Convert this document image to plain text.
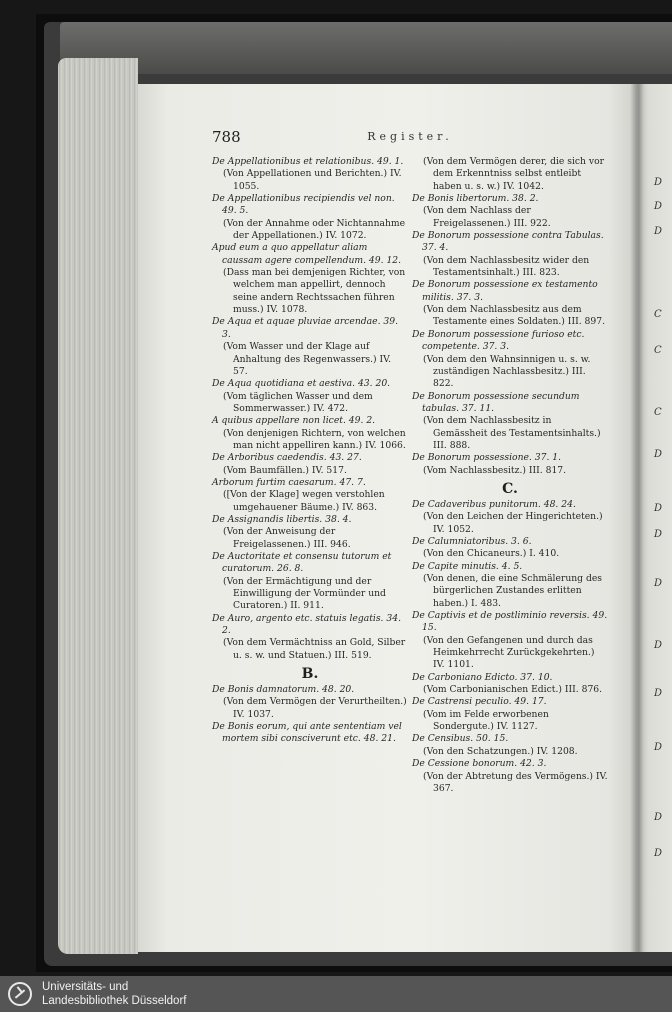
788	Register.

De Appellationibus et relationibus. 49. 1.

(Von Appellationen und Berichten.) IV. 1055.

De Appellationibus recipiendis vel non. 49. 5.

(Von der Annahme oder Nichtannahme der Appellationen.) IV. 1072.

Apud eum a quo appellatur aliam caussam agere compellendum. 49. 12.

(Dass man bei demjenigen Richter, von welchem man appellirt, dennoch seine andern Rechtssachen führen muss.) IV. 1078.

De Aqua et aquae pluviae arcendae. 39. 3.

(Vom Wasser und der Klage auf Anhaltung des Regenwassers.) IV. 57.

De Aqua quotidiana et aestiva. 43. 20.

(Vom täglichen Wasser und dem Sommerwasser.) IV. 472.

A quibus appellare non licet. 49. 2.

(Von denjenigen Richtern, von welchen man nicht appelliren kann.) IV. 1066.

De Arboribus caedendis. 43. 27.

(Vom Baumfällen.) IV. 517.

Arborum furtim caesarum. 47. 7.

([Von der Klage] wegen verstohlen umgehauener Bäume.) IV. 863.

De Assignandis libertis. 38. 4.

(Von der Anweisung der Freigelassenen.) III. 946.

De Auctoritate et consensu tutorum et curatorum. 26. 8.

(Von der Ermächtigung und der Einwilligung der Vormünder und Curatoren.) II. 911.

De Auro, argento etc. statuis legatis. 34. 2.

(Von dem Vermächtniss an Gold, Silber u. s. w. und Statuen.) III. 519.

B.

De Bonis damnatorum. 48. 20.

(Von dem Vermögen der Verurtheilten.) IV. 1037.

De Bonis eorum, qui ante sententiam vel mortem sibi consciverunt etc. 48. 21.

(Von dem Vermögen derer, die sich vor dem Erkenntniss selbst entleibt haben u. s. w.) IV. 1042.

De Bonis libertorum. 38. 2.

(Von dem Nachlass der Freigelassenen.) III. 922.

De Bonorum possessione contra Tabulas. 37. 4.

(Von dem Nachlassbesitz wider den Testamentsinhalt.) III. 823.

De Bonorum possessione ex testamento militis. 37. 3.

(Von dem Nachlassbesitz aus dem Testamente eines Soldaten.) III. 897.

De Bonorum possessione furioso etc. competente. 37. 3.

(Von dem den Wahnsinnigen u. s. w. zuständigen Nachlassbesitz.) III. 822.

De Bonorum possessione secundum tabulas. 37. 11.

(Von dem Nachlassbesitz in Gemässheit des Testamentsinhalts.) III. 888.

De Bonorum possessione. 37. 1.

(Vom Nachlassbesitz.) III. 817.

C.

De Cadaveribus punitorum. 48. 24.

(Von den Leichen der Hingerichteten.) IV. 1052.

De Calumniatoribus. 3. 6.

(Von den Chicaneurs.) I. 410.

De Capite minutis. 4. 5.

(Von denen, die eine Schmälerung des bürgerlichen Zustandes erlitten haben.) I. 483.

De Captivis et de postliminio reversis. 49. 15.

(Von den Gefangenen und durch das Heimkehrrecht Zurückgekehrten.) IV. 1101.

De Carboniano Edicto. 37. 10.

(Vom Carbonianischen Edict.) III. 876.

De Castrensi peculio. 49. 17.

(Vom im Felde erworbenen Sondergute.) IV. 1127.

De Censibus. 50. 15.

(Von den Schatzungen.) IV. 1208.

De Cessione bonorum. 42. 3.

(Von der Abtretung des Vermögens.) IV. 367.

D
D
D
C
C
C
D
D
D
D
D
D
D
D
D
Universitäts- und
Landesbibliothek Düsseldorf
